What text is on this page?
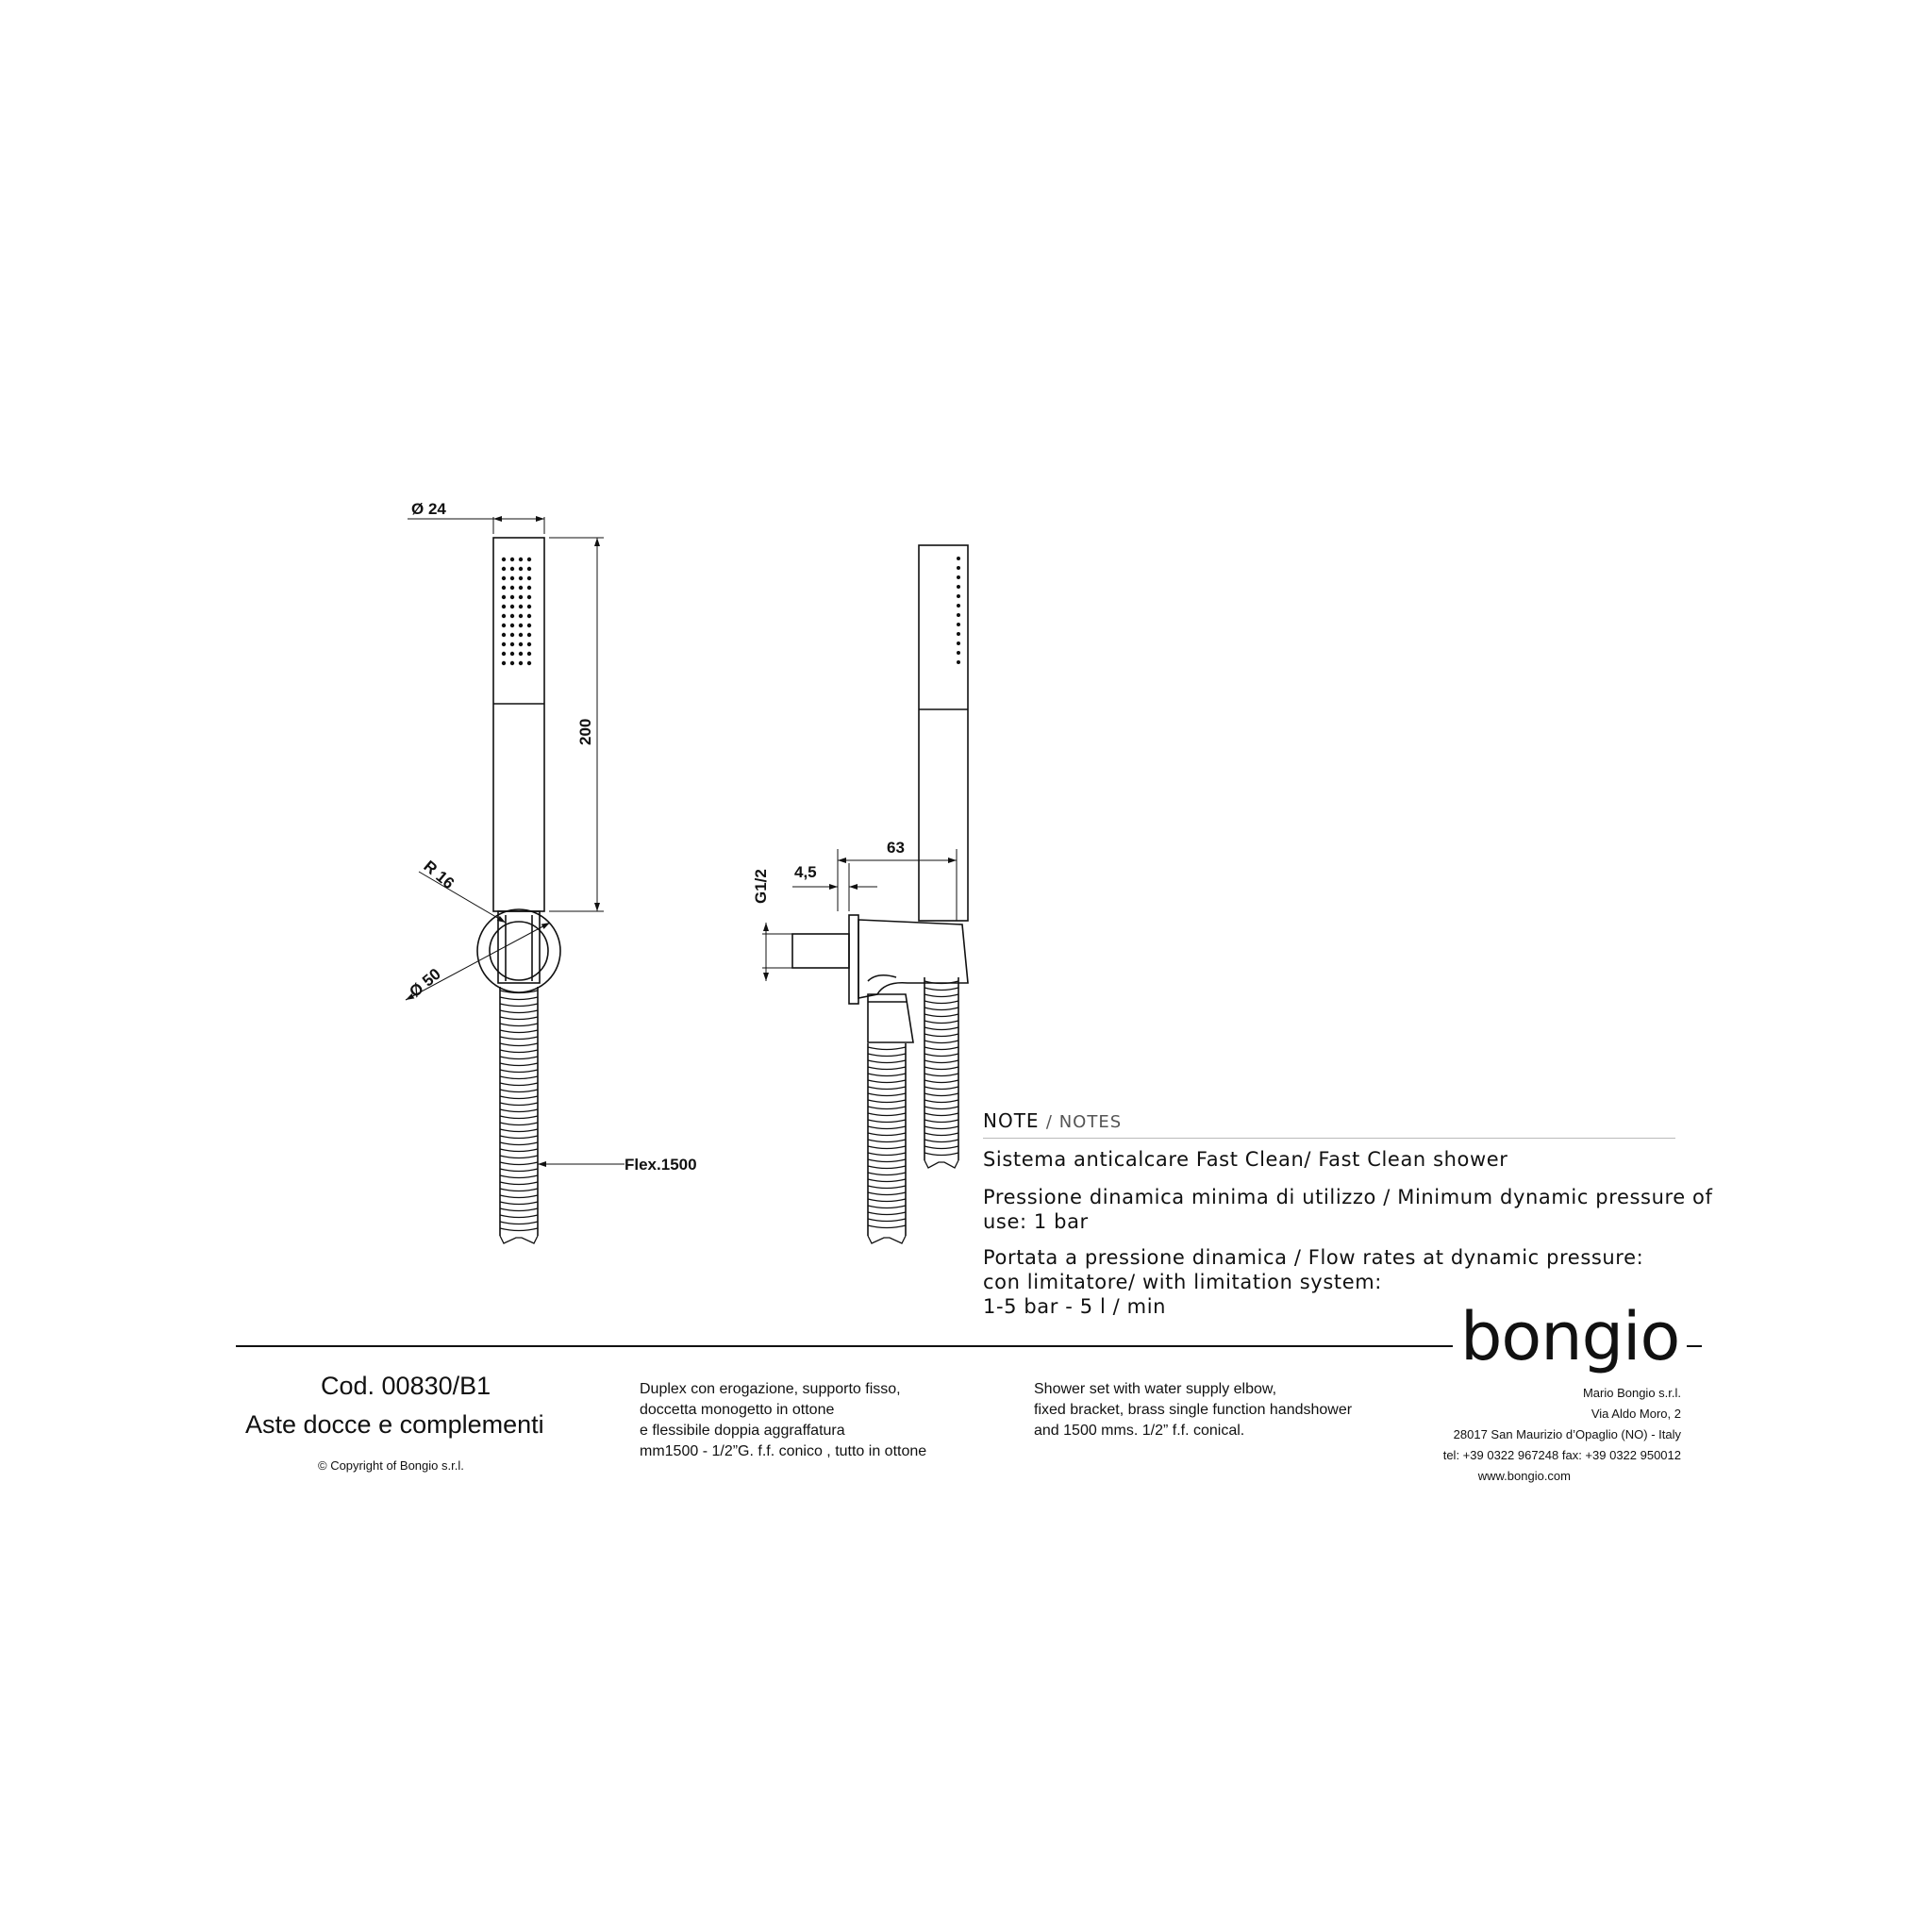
Ø 24
200
R 16
Ø 50
Flex.1500
G1/2 4,5
63
NOTE / NOTES
Sistema anticalcare Fast Clean/ Fast Clean shower
Pressione dinamica minima di utilizzo / Minimum dynamic pressure of use: 1 bar
Portata a pressione dinamica / Flow rates at dynamic pressure:
con limitatore/ with limitation system:
1-5 bar - 5 l / min	bongio
Cod. 00830/B1
Aste docce e complementi
© Copyright of Bongio s.r.l.
Duplex con erogazione, supporto fisso,
doccetta monogetto in ottone
e flessibile doppia aggraffatura
mm1500 - 1/2”G. f.f. conico , tutto in ottone
Shower set with water supply elbow,
fixed bracket, brass single function handshower
and 1500 mms. 1/2” f.f. conical.
Mario Bongio s.r.l.
Via Aldo Moro, 2
28017 San Maurizio d’Opaglio (NO) - Italy
tel: +39 0322 967248 fax: +39 0322 950012
www.bongio.com
